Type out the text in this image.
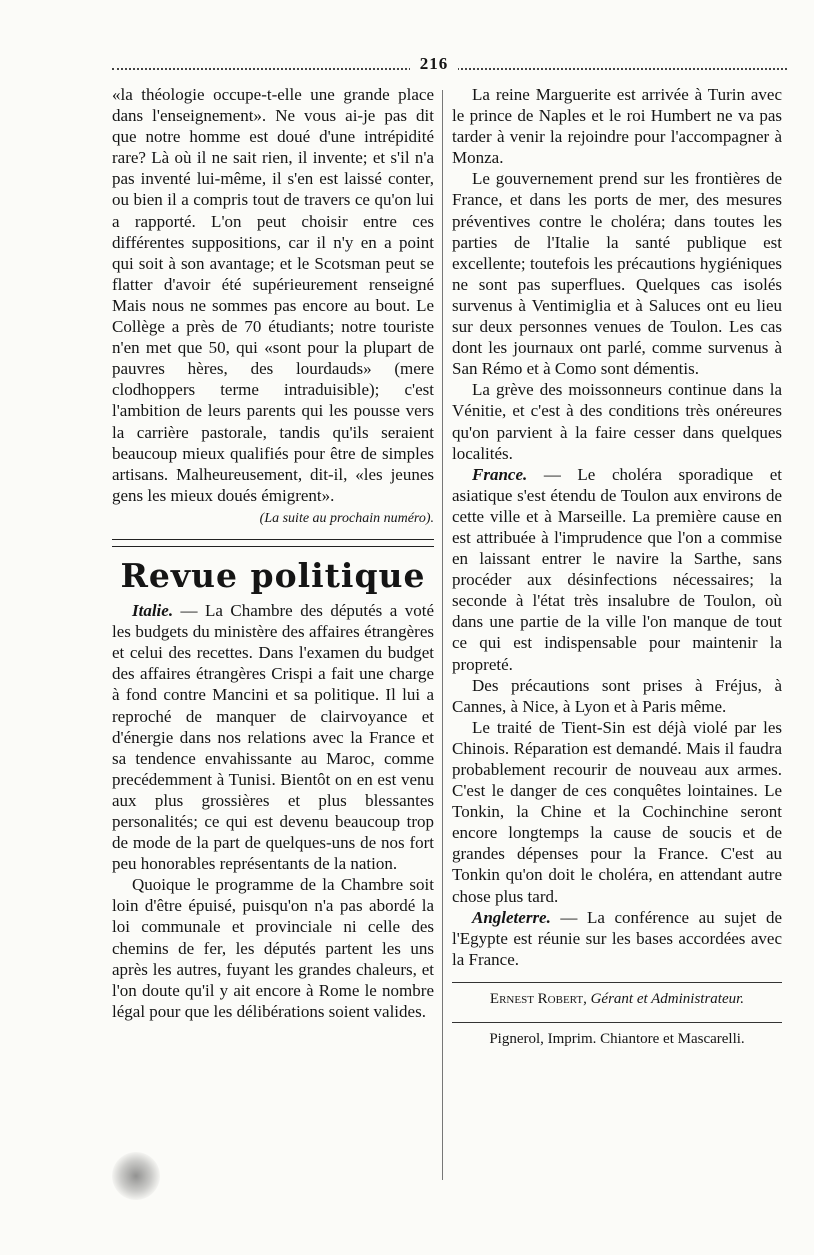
216

«la théologie occupe-t-elle une grande place dans l'enseignement». Ne vous ai-je pas dit que notre homme est doué d'une intrépidité rare? Là où il ne sait rien, il invente; et s'il n'a pas inventé lui-même, il s'en est laissé conter, ou bien il a compris tout de travers ce qu'on lui a rapporté. L'on peut choisir entre ces différentes suppositions, car il n'y en a point qui soit à son avantage; et le Scotsman peut se flatter d'avoir été supérieurement renseigné Mais nous ne sommes pas encore au bout. Le Collège a près de 70 étudiants; notre touriste n'en met que 50, qui «sont pour la plupart de pauvres hères, des lourdauds» (mere clodhoppers terme intraduisible); c'est l'ambition de leurs parents qui les pousse vers la carrière pastorale, tandis qu'ils seraient beaucoup mieux qualifiés pour être de simples artisans. Malheureusement, dit-il, «les jeunes gens les mieux doués émigrent».

(La suite au prochain numéro).

Revue politique

Italie. — La Chambre des députés a voté les budgets du ministère des affaires étrangères et celui des recettes. Dans l'examen du budget des affaires étrangères Crispi a fait une charge à fond contre Mancini et sa politique. Il lui a reproché de manquer de clairvoyance et d'énergie dans nos relations avec la France et sa tendence envahissante au Maroc, comme precédemment à Tunisi. Bientôt on en est venu aux plus grossières et plus blessantes personalités; ce qui est devenu beaucoup trop de mode de la part de quelques-uns de nos fort peu honorables représentants de la nation.

Quoique le programme de la Chambre soit loin d'être épuisé, puisqu'on n'a pas abordé la loi communale et provinciale ni celle des chemins de fer, les députés partent les uns après les autres, fuyant les grandes chaleurs, et l'on doute qu'il y ait encore à Rome le nombre légal pour que les délibérations soient valides.

La reine Marguerite est arrivée à Turin avec le prince de Naples et le roi Humbert ne va pas tarder à venir la rejoindre pour l'accompagner à Monza.

Le gouvernement prend sur les frontières de France, et dans les ports de mer, des mesures préventives contre le choléra; dans toutes les parties de l'Italie la santé publique est excellente; toutefois les précautions hygiéniques ne sont pas superflues. Quelques cas isolés survenus à Ventimiglia et à Saluces ont eu lieu sur deux personnes venues de Toulon. Les cas dont les journaux ont parlé, comme survenus à San Rémo et à Como sont démentis.

La grève des moissonneurs continue dans la Vénitie, et c'est à des conditions très onéreures qu'on parvient à la faire cesser dans quelques localités.

France. — Le choléra sporadique et asiatique s'est étendu de Toulon aux environs de cette ville et à Marseille. La première cause en est attribuée à l'imprudence que l'on a commise en laissant entrer le navire la Sarthe, sans procéder aux désinfections nécessaires; la seconde à l'état très insalubre de Toulon, où dans une partie de la ville l'on manque de tout ce qui est indispensable pour maintenir la propreté.

Des précautions sont prises à Fréjus, à Cannes, à Nice, à Lyon et à Paris même.

Le traité de Tient-Sin est déjà violé par les Chinois. Réparation est demandé. Mais il faudra probablement recourir de nouveau aux armes. C'est le danger de ces conquêtes lointaines. Le Tonkin, la Chine et la Cochinchine seront encore longtemps la cause de soucis et de grandes dépenses pour la France. C'est au Tonkin qu'on doit le choléra, en attendant autre chose plus tard.

Angleterre. — La conférence au sujet de l'Egypte est réunie sur les bases accordées avec la France.

Ernest Robert, Gérant et Administrateur.
Pignerol, Imprim. Chiantore et Mascarelli.
